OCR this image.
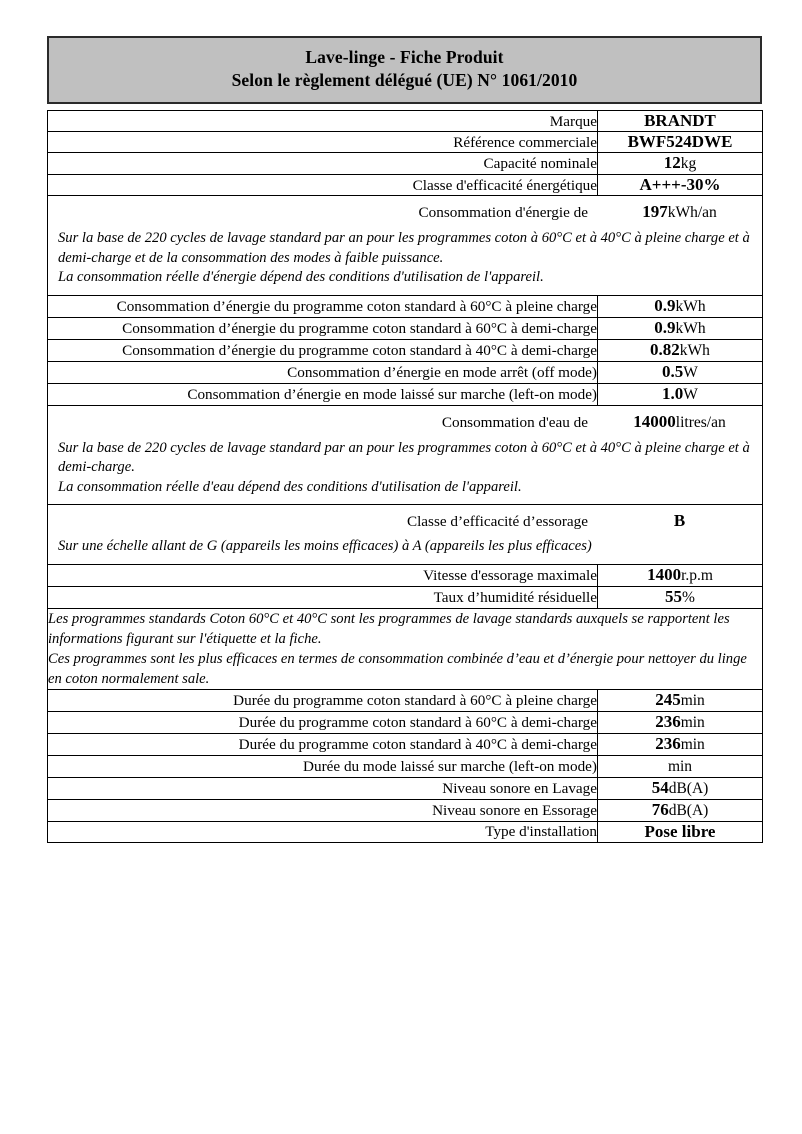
Lave-linge - Fiche Produit
Selon le règlement délégué (UE) N° 1061/2010
Marque	BRANDT
Référence commerciale	BWF524DWE
Capacité nominale	12kg
Classe d'efficacité énergétique	A+++-30%

Consommation d'énergie de 197kWh/an

Sur la base de 220 cycles de lavage standard par an pour les programmes coton à 60°C et à 40°C à pleine charge et à demi-charge et de la consommation des modes à faible puissance.

La consommation réelle d'énergie dépend des conditions d'utilisation de l'appareil.	

Consommation d’énergie du programme coton standard à 60°C à pleine charge	0.9kWh
Consommation d’énergie du programme coton standard à 60°C à demi-charge	0.9kWh
Consommation d’énergie du programme coton standard à 40°C à demi-charge	0.82kWh
Consommation d’énergie en mode arrêt (off mode)	0.5W
Consommation d’énergie en mode laissé sur marche (left-on mode)	1.0W

Consommation d'eau de 14000litres/an

Sur la base de 220 cycles de lavage standard par an pour les programmes coton à 60°C et à 40°C à pleine charge et à demi-charge.

La consommation réelle d'eau dépend des conditions d'utilisation de l'appareil.	

Classe d’efficacité d’essorage B

Sur une échelle allant de G (appareils les moins efficaces) à A (appareils les plus efficaces)	

Vitesse d'essorage maximale	1400r.p.m
Taux d’humidité résiduelle	55%

Les programmes standards Coton 60°C et 40°C sont les programmes de lavage standards auxquels se rapportent les informations figurant sur l'étiquette et la fiche.

Ces programmes sont les plus efficaces en termes de consommation combinée d’eau et d’énergie pour nettoyer du linge en coton normalement sale.	

Durée du programme coton standard à 60°C à pleine charge	245min
Durée du programme coton standard à 60°C à demi-charge	236min
Durée du programme coton standard à 40°C à demi-charge	236min
Durée du mode laissé sur marche (left-on mode)	min
Niveau sonore en Lavage	54dB(A)
Niveau sonore en Essorage	76dB(A)
Type d'installation	Pose libre
